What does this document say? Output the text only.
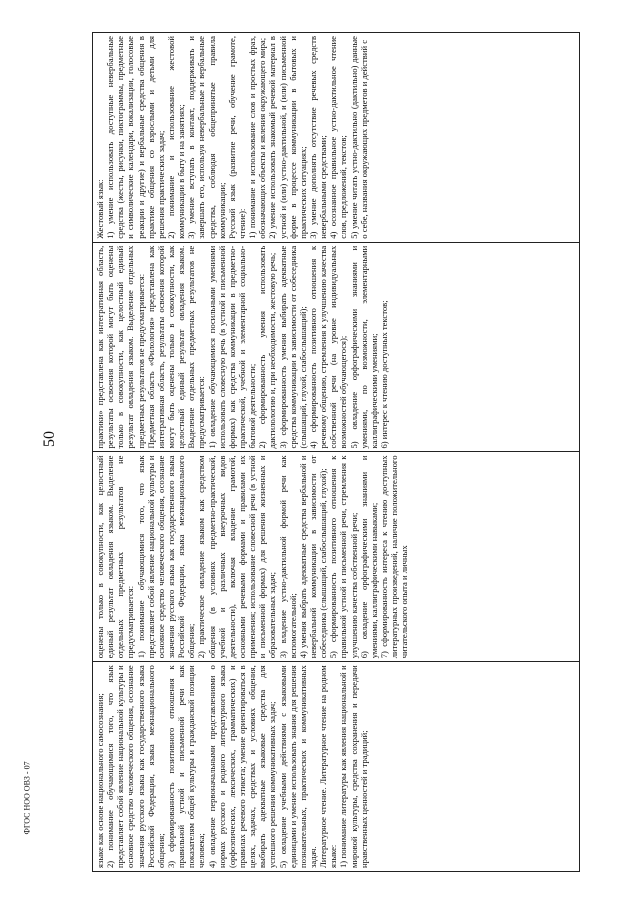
50
ФГОС НОО ОВЗ - 07	языке как основе национального самосознания; 2) понимание обучающимися того, что язык представляет собой явление национальной культуры и основное средство человеческого общения, осознание значения русского языка как государственного языка Российской Федерации, языка межнационального общения; 3) сформированность позитивного отношения к правильной устной и письменной речи как показателям общей культуры и гражданской позиции человека; 4) овладение первоначальными представлениями о нормах русского и родного литературного языка (орфоэпических, лексических, грамматических) и правилах речевого этикета; умение ориентироваться в целях, задачах, средствах и условиях общения, выбирать адекватные языковые средства для успешного решения коммуникативных задач; 5) овладение учебными действиями с языковыми единицами и умение использовать знания для решения познавательных, практических и коммуникативных задач. Литературное чтение. Литературное чтение на родном языке: 1) понимание литературы как явления национальной и мировой культуры, средства сохранения и передачи нравственных ценностей и традиций;

оценены только в совокупности, как целостный единый результат овладения языком. Выделение отдельных предметных результатов не предусматривается: 1) понимание обучающимися того, что язык представляет собой явление национальной культуры и основное средство человеческого общения, осознание значения русского языка как государственного языка Российской Федерации, языка межнационального общения; 2) практическое овладение языком как средством общения (в условиях предметно-практической, учебной и различных внеурочных видов деятельности), включая владение грамотой, основными речевыми формами и правилами их применения; использование словесной речи (в устной и письменной формах) для решения жизненных и образовательных задач; 3) владение устно-дактильной формой речи как вспомогательной; 4) умения выбрать адекватные средства вербальной и невербальной коммуникации в зависимости от собеседника (слышащий, слабослышащий, глухой); 5) сформированность позитивного отношения к правильной устной и письменной речи, стремления к улучшению качества собственной речи; 6) овладение орфографическими знаниями и умениями, каллиграфическими навыками; 7) сформированность интереса к чтению доступных литературных произведений, наличие положительного читательского опыта и личных

практики» представлена как интегративная область, результаты освоения которой могут быть оценены только в совокупности, как целостный единый результат овладения языком. Выделение отдельных предметных результатов не предусматривается: Предметная область «Филология» представлена как интегративная область, результаты освоения которой могут быть оценены только в совокупности, как целостный единый результат овладения языком. Выделение отдельных предметных результатов не предусматривается: 1) овладение обучающимися посильными умениями использовать словесную речь (в устной и письменной формах) как средства коммуникации в предметно-практической, учебной и элементарной социально-бытовой деятельности; 2) сформированность умения использовать дактилологию и, при необходимости, жестовую речь; 3) сформированность умения выбирать адекватные средства коммуникации в зависимости от собеседника (слышащий, глухой, слабослышащий); 4) сформированность позитивного отношения к речевому общению, стремления к улучшению качества собственной речи (на уровне индивидуальных возможностей обучающегося); 5) овладение орфографическими знаниями и умениями, по возможности, элементарными каллиграфическими умениями; 6) интерес к чтению доступных текстов;

Жестовый язык: 1) умение использовать доступные невербальные средства (жесты, рисунки, пиктограммы, предметные и символические календари, вокализации, голосовые реакции и другие) и вербальные средства общения в практике общения со взрослыми и детьми для решения практических задач; 2) понимание и использование жестовой коммуникации в быту и на занятиях; 3) умение вступать в контакт, поддерживать и завершать его, используя невербальные и вербальные средства, соблюдая общепринятые правила коммуникации; Русский язык (развитие речи, обучение грамоте, чтение): 1) понимание и использование слов и простых фраз, обозначающих объекты и явления окружающего мира; 2) умение использовать знакомый речевой материал в устной и (или) устно-дактильной, и (или) письменной форме в процессе коммуникации в бытовых и практических ситуациях; 3) умение дополнять отсутствие речевых средств невербальными средствами; 4) осознанное правильное устно-дактильное чтение слов, предложений, текстов; 5) умение читать устно-дактильно (дактильно) данные о себе, названия окружающих предметов и действий с
